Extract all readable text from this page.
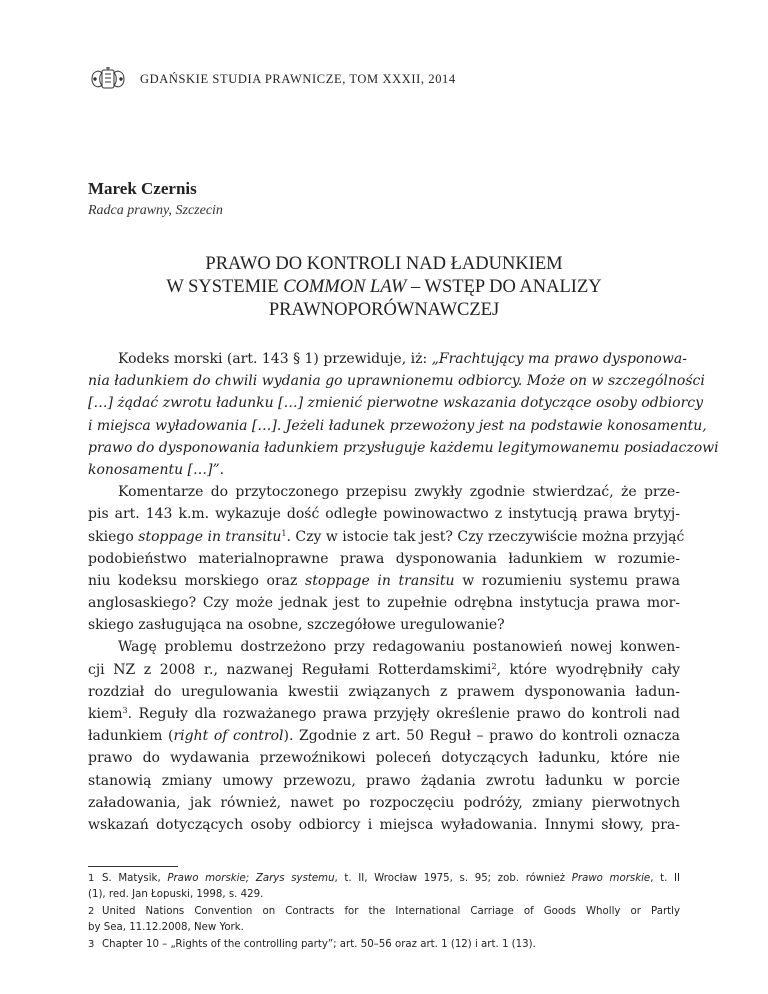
GDAŃSKIE STUDIA PRAWNICZE, TOM XXXII, 2014
Marek Czernis
Radca prawny, Szczecin
PRAWO DO KONTROLI NAD ŁADUNKIEM
W SYSTEMIE COMMON LAW – WSTĘP DO ANALIZY
PRAWNOPORÓWNAWCZEJ
Kodeks morski (art. 143 § 1) przewiduje, iż: „Frachtujący ma prawo dysponowa-
nia ładunkiem do chwili wydania go uprawnionemu odbiorcy. Może on w szczególności
[…] żądać zwrotu ładunku […] zmienić pierwotne wskazania dotyczące osoby odbiorcy
i miejsca wyładowania […]. Jeżeli ładunek przewożony jest na podstawie konosamentu,
prawo do dysponowania ładunkiem przysługuje każdemu legitymowanemu posiadaczowi
konosamentu […]”.
Komentarze do przytoczonego przepisu zwykły zgodnie stwierdzać, że prze-
pis art. 143 k.m. wykazuje dość odległe powinowactwo z instytucją prawa brytyj-
skiego stoppage in transitu$^1$. Czy w istocie tak jest? Czy rzeczywiście można przyjąć
podobieństwo materialnoprawne prawa dysponowania ładunkiem w rozumie-
niu kodeksu morskiego oraz stoppage in transitu w rozumieniu systemu prawa
anglosaskiego? Czy może jednak jest to zupełnie odrębna instytucja prawa mor-
skiego zasługująca na osobne, szczegółowe uregulowanie?
Wagę problemu dostrzeżono przy redagowaniu postanowień nowej konwen-
cji NZ z 2008 r., nazwanej Regułami Rotterdamskimi$^2$, które wyodrębniły cały
rozdział do uregulowania kwestii związanych z prawem dysponowania ładun-
kiem$^3$. Reguły dla rozważanego prawa przyjęły określenie prawo do kontroli nad
ładunkiem (right of control). Zgodnie z art. 50 Reguł – prawo do kontroli oznacza
prawo do wydawania przewoźnikowi poleceń dotyczących ładunku, które nie
stanowią zmiany umowy przewozu, prawo żądania zwrotu ładunku w porcie
załadowania, jak również, nawet po rozpoczęciu podróży, zmiany pierwotnych
wskazań dotyczących osoby odbiorcy i miejsca wyładowania. Innymi słowy, pra-
1 S. Matysik, Prawo morskie; Zarys systemu, t. II, Wrocław 1975, s. 95; zob. również Prawo morskie, t. II
(1), red. Jan Łopuski, 1998, s. 429.
2 United Nations Convention on Contracts for the International Carriage of Goods Wholly or Partly
by Sea, 11.12.2008, New York.
3 Chapter 10 – „Rights of the controlling party”; art. 50–56 oraz art. 1 (12) i art. 1 (13).
